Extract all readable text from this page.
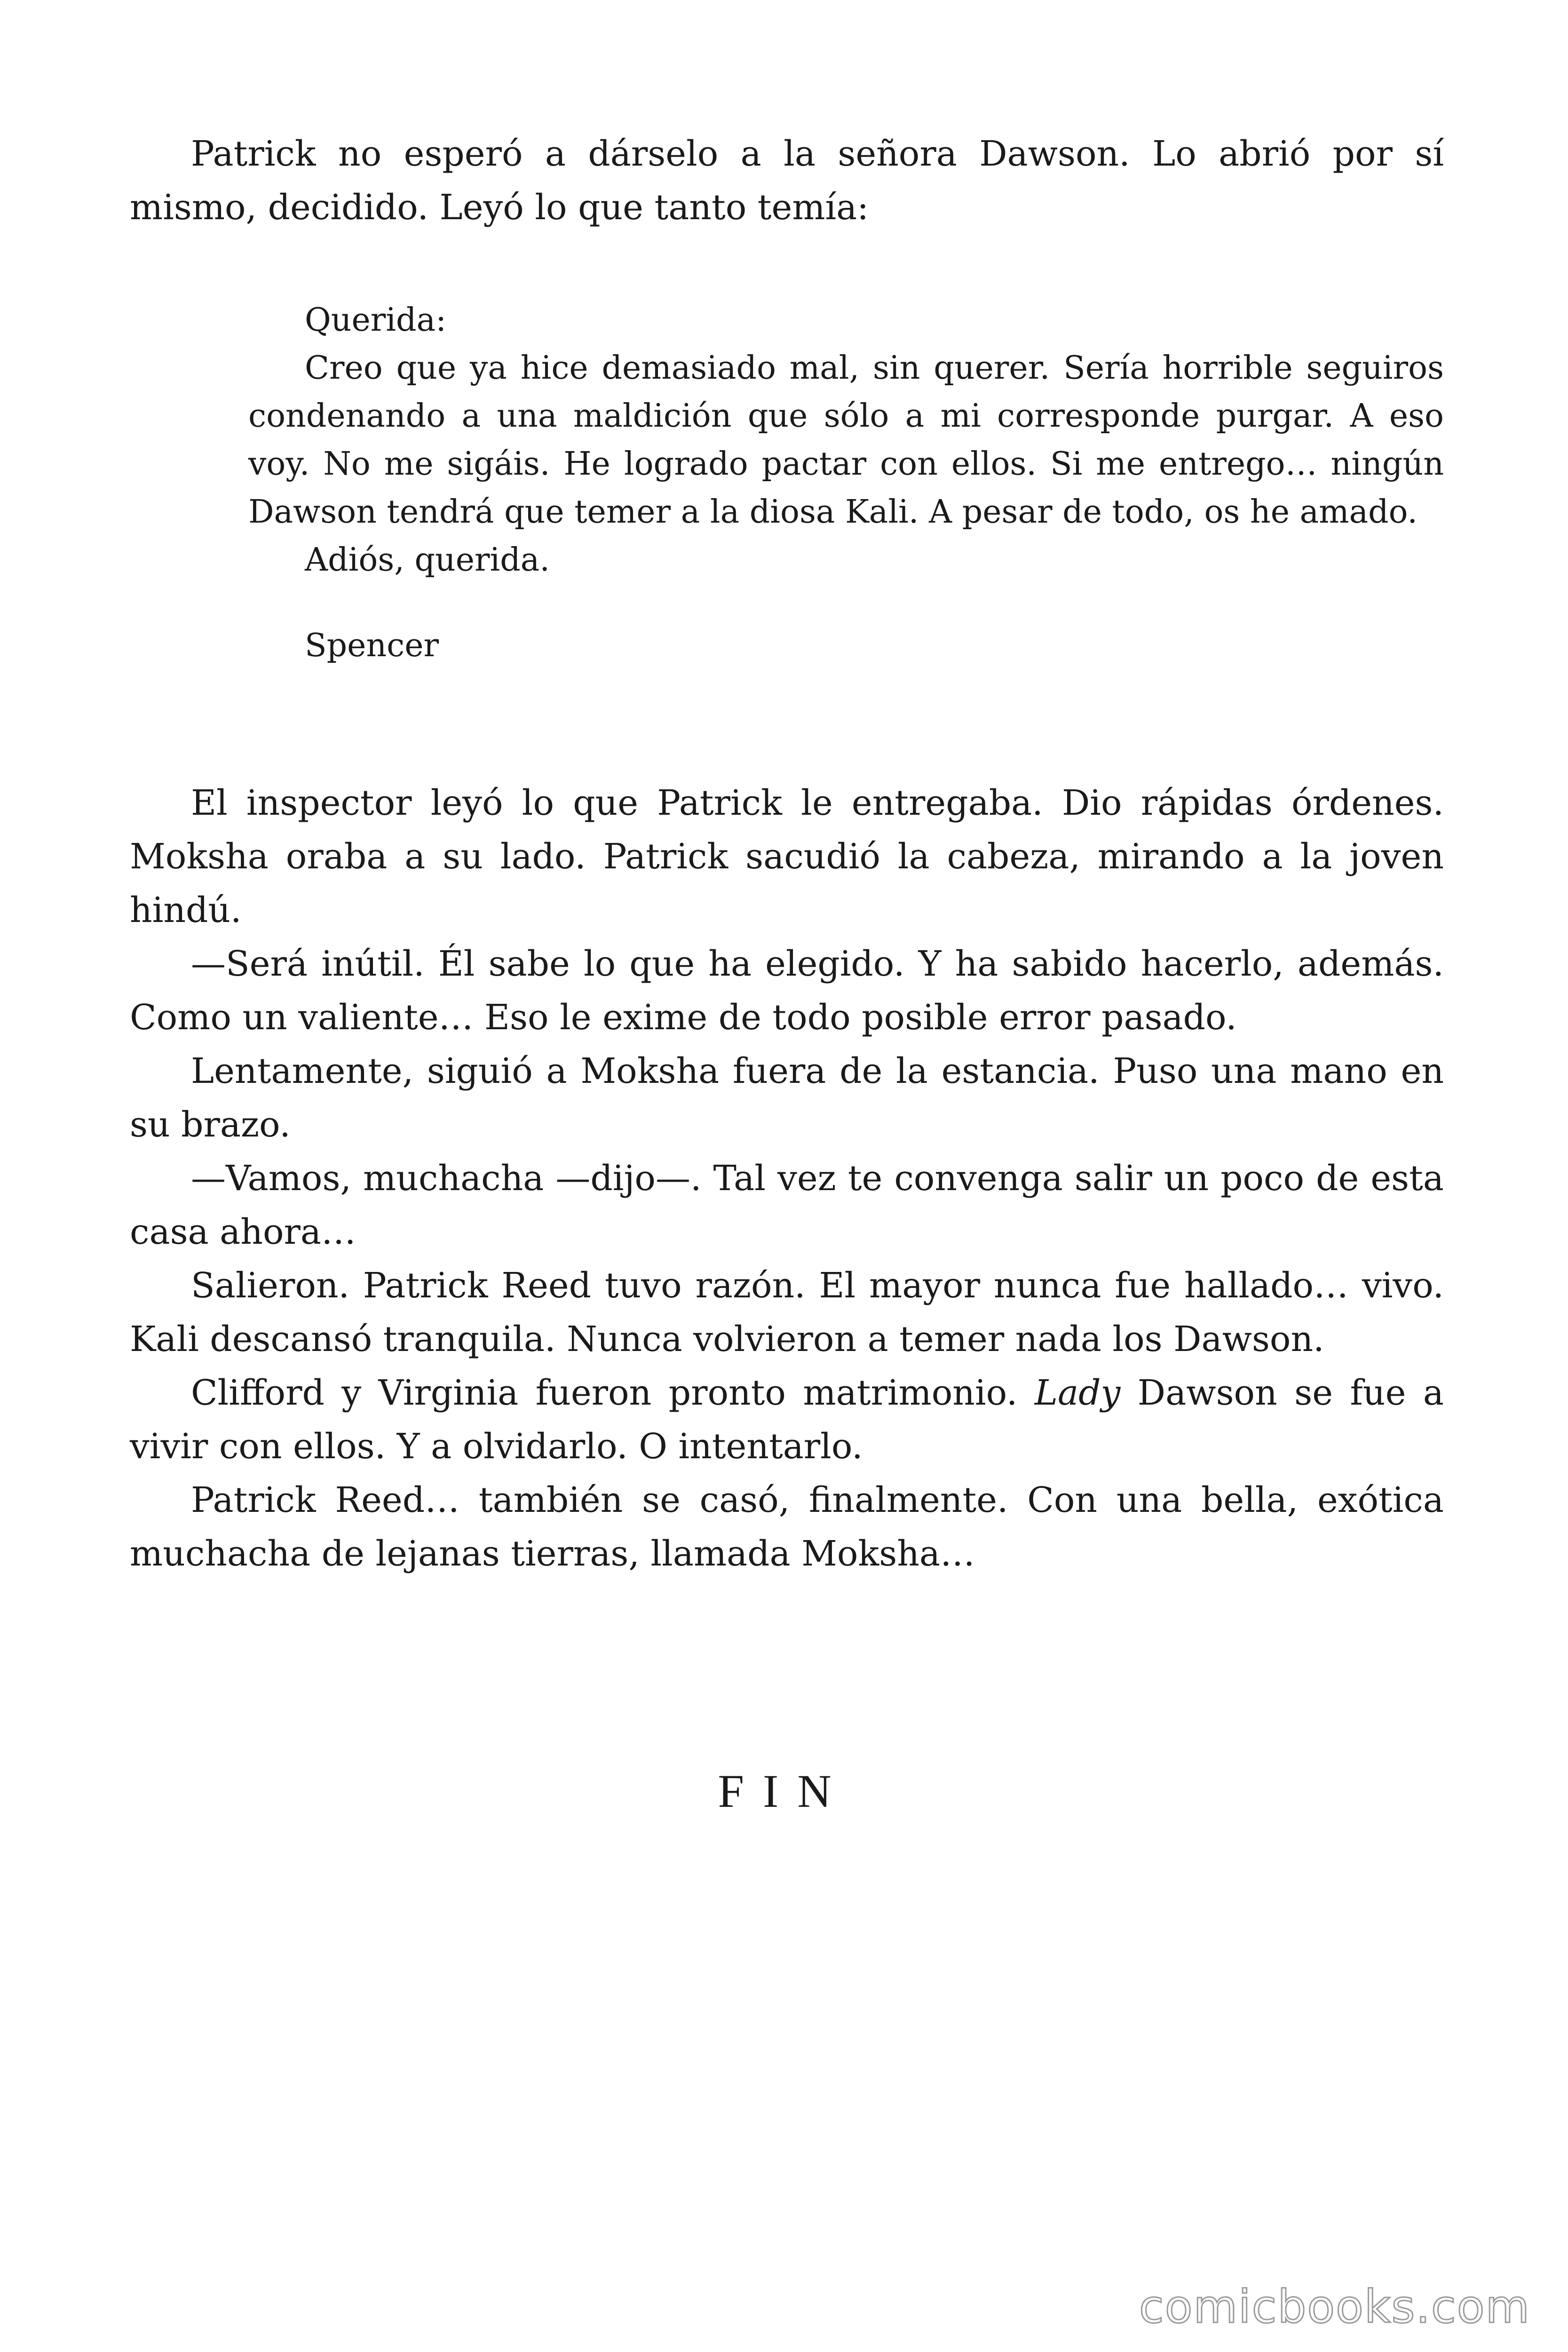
Patrick no esperó a dárselo a la señora Dawson. Lo abrió por sí mismo, decidido. Leyó lo que tanto temía:

Querida:

Creo que ya hice demasiado mal, sin querer. Sería horrible seguiros condenando a una maldición que sólo a mi corresponde purgar. A eso voy. No me sigáis. He logrado pactar con ellos. Si me entrego… ningún Dawson tendrá que temer a la diosa Kali. A pesar de todo, os he amado.

Adiós, querida.

Spencer

El inspector leyó lo que Patrick le entregaba. Dio rápidas órdenes. Moksha oraba a su lado. Patrick sacudió la cabeza, mirando a la joven hindú.

—Será inútil. Él sabe lo que ha elegido. Y ha sabido hacerlo, además. Como un valiente… Eso le exime de todo posible error pasado.

Lentamente, siguió a Moksha fuera de la estancia. Puso una mano en su brazo.

—Vamos, muchacha —dijo—. Tal vez te convenga salir un poco de esta casa ahora…

Salieron. Patrick Reed tuvo razón. El mayor nunca fue hallado… vivo. Kali descansó tranquila. Nunca volvieron a temer nada los Dawson.

Clifford y Virginia fueron pronto matrimonio. Lady Dawson se fue a vivir con ellos. Y a olvidarlo. O intentarlo.

Patrick Reed… también se casó, finalmente. Con una bella, exótica muchacha de lejanas tierras, llamada Moksha…

FIN
comicbooks.com
